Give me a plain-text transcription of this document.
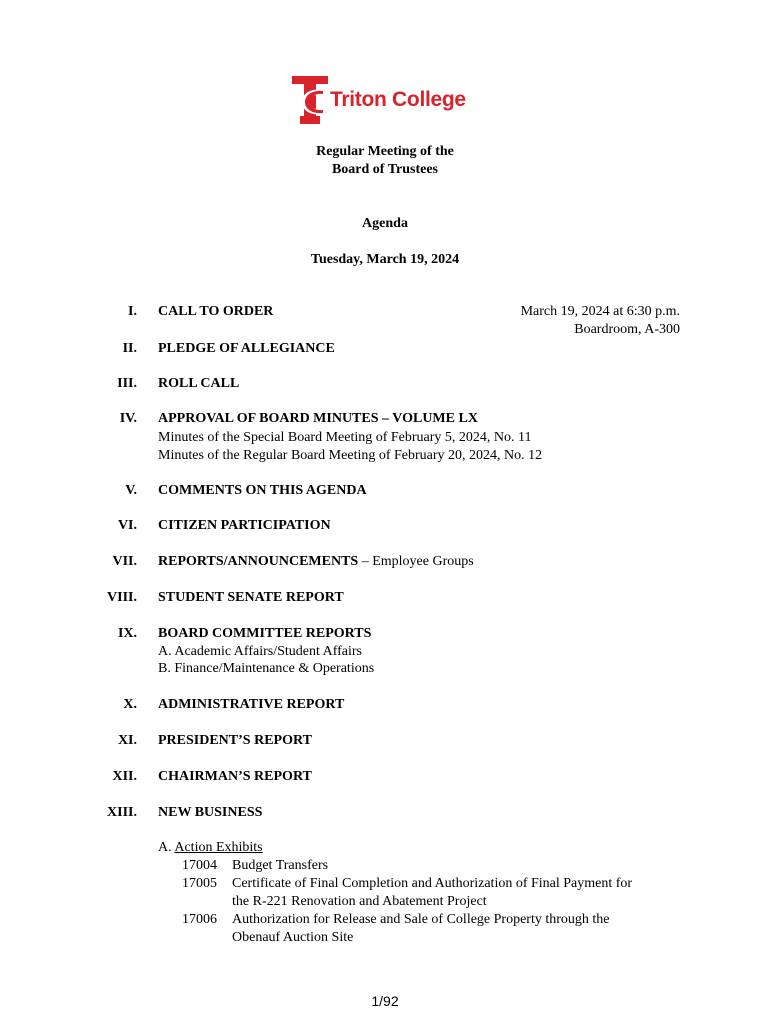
Triton College
Regular Meeting of the
Board of Trustees
Agenda
Tuesday, March 19, 2024
March 19, 2024 at 6:30 p.m.
Boardroom, A-300
I. CALL TO ORDER
II. PLEDGE OF ALLEGIANCE
III. ROLL CALL
IV. APPROVAL OF BOARD MINUTES – VOLUME LX
Minutes of the Special Board Meeting of February 5, 2024, No. 11
Minutes of the Regular Board Meeting of February 20, 2024, No. 12
V. COMMENTS ON THIS AGENDA
VI. CITIZEN PARTICIPATION
VII. REPORTS/ANNOUNCEMENTS – Employee Groups
VIII. STUDENT SENATE REPORT
IX. BOARD COMMITTEE REPORTS
A. Academic Affairs/Student Affairs
B. Finance/Maintenance & Operations
X. ADMINISTRATIVE REPORT
XI. PRESIDENT’S REPORT
XII. CHAIRMAN’S REPORT
XIII. NEW BUSINESS
A. Action Exhibits
17004 Budget Transfers
17005 Certificate of Final Completion and Authorization of Final Payment for
the R-221 Renovation and Abatement Project
17006 Authorization for Release and Sale of College Property through the
Obenauf Auction Site
1/92
